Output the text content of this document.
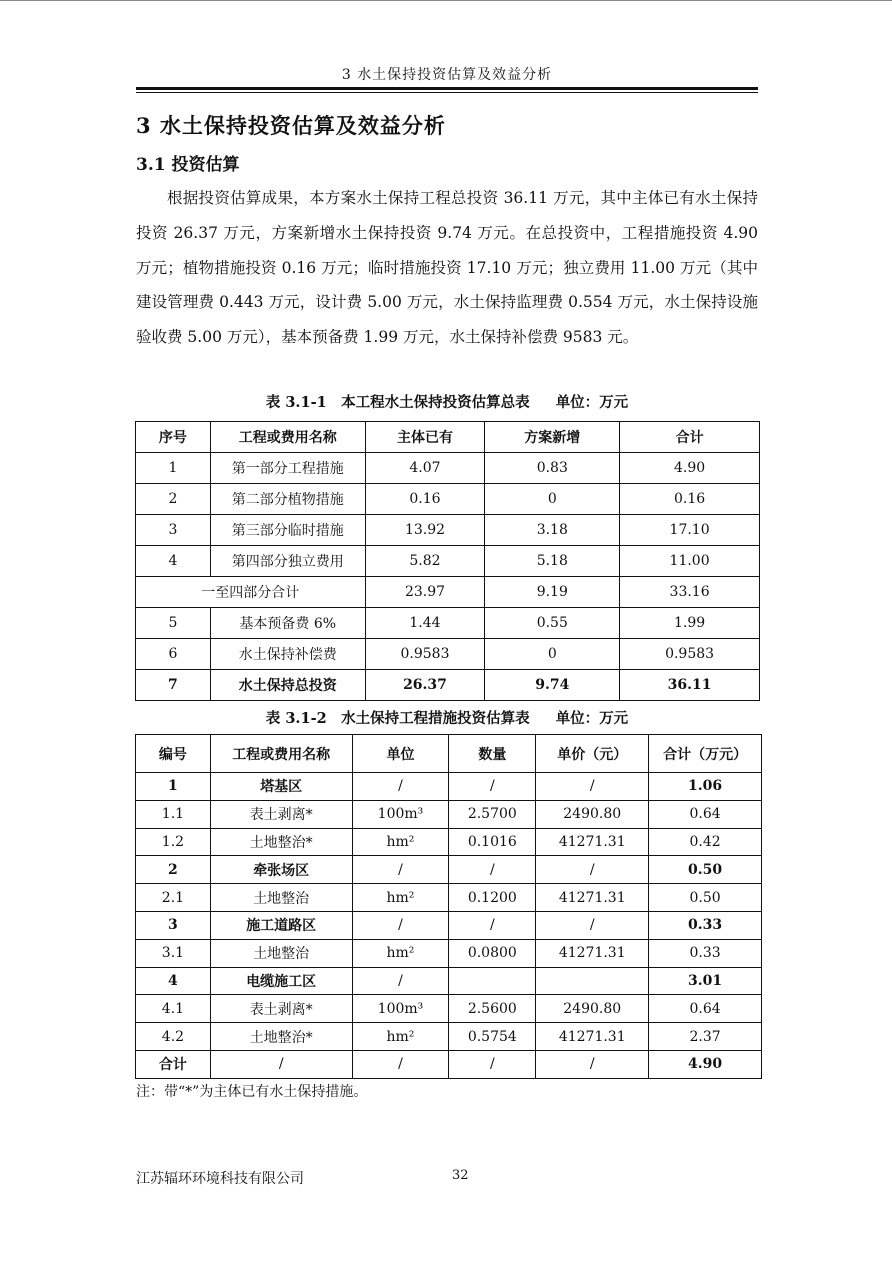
3 水土保持投资估算及效益分析
3 水土保持投资估算及效益分析
3.1 投资估算

根据投资估算成果，本方案水土保持工程总投资 36.11 万元，其中主体已有水土保持投资 26.37 万元，方案新增水土保持投资 9.74 万元。在总投资中，工程措施投资 4.90 万元；植物措施投资 0.16 万元；临时措施投资 17.10 万元；独立费用 11.00 万元（其中建设管理费 0.443 万元，设计费 5.00 万元，水土保持监理费 0.554 万元，水土保持设施验收费 5.00 万元），基本预备费 1.99 万元，水土保持补偿费 9583 元。

表 3.1-1　本工程水土保持投资估算总表 单位：万元
序号	工程或费用名称	主体已有	方案新增	合计
1	第一部分工程措施	4.07	0.83	4.90
2	第二部分植物措施	0.16	0	0.16
3	第三部分临时措施	13.92	3.18	17.10
4	第四部分独立费用	5.82	5.18	11.00
一至四部分合计		23.97	9.19	33.16
5	基本预备费 6%	1.44	0.55	1.99
6	水土保持补偿费	0.9583	0	0.9583
7	水土保持总投资	26.37	9.74	36.11
表 3.1-2　水土保持工程措施投资估算表 单位：万元
编号	工程或费用名称	单位	数量	单价（元）	合计（万元）
1	塔基区	/	/	/	1.06
1.1	表土剥离*	100m³	2.5700	2490.80	0.64
1.2	土地整治*	hm²	0.1016	41271.31	0.42
2	牵张场区	/	/	/	0.50
2.1	土地整治	hm²	0.1200	41271.31	0.50
3	施工道路区	/	/	/	0.33
3.1	土地整治	hm²	0.0800	41271.31	0.33
4	电缆施工区	/			3.01
4.1	表土剥离*	100m³	2.5600	2490.80	0.64
4.2	土地整治*	hm²	0.5754	41271.31	2.37
合计	/	/	/	/	4.90
注：带“*”为主体已有水土保持措施。
江苏辐环环境科技有限公司	32
